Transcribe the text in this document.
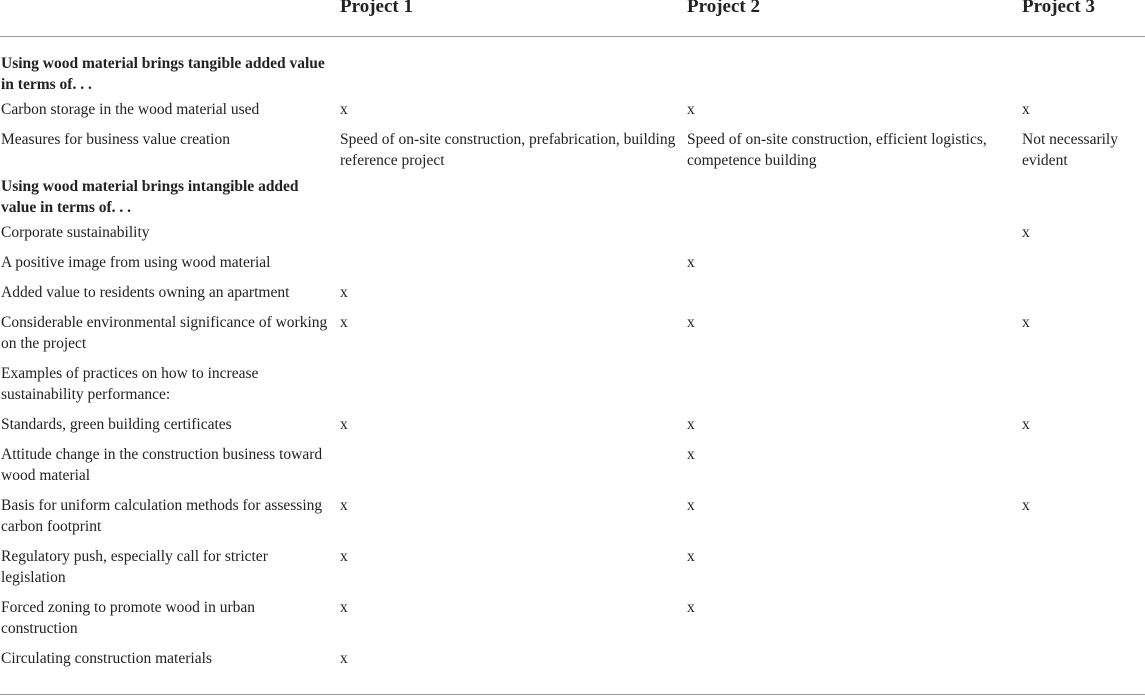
	Project 1	Project 2	Project 3
Using wood material brings tangible added value in terms of. . .			
Carbon storage in the wood material used	x	x	x
Measures for business value creation	Speed of on-site construction, prefabrication, building reference project	Speed of on-site construction, efficient logistics, competence building	Not necessarily evident
Using wood material brings intangible added value in terms of. . .			
Corporate sustainability			x
A positive image from using wood material		x	
Added value to residents owning an apartment	x		
Considerable environmental significance of working on the project	x	x	x
Examples of practices on how to increase sustainability performance:			
Standards, green building certificates	x	x	x
Attitude change in the construction business toward wood material		x	
Basis for uniform calculation methods for assessing carbon footprint	x	x	x
Regulatory push, especially call for stricter legislation	x	x	
Forced zoning to promote wood in urban construction	x	x	
Circulating construction materials	x		
